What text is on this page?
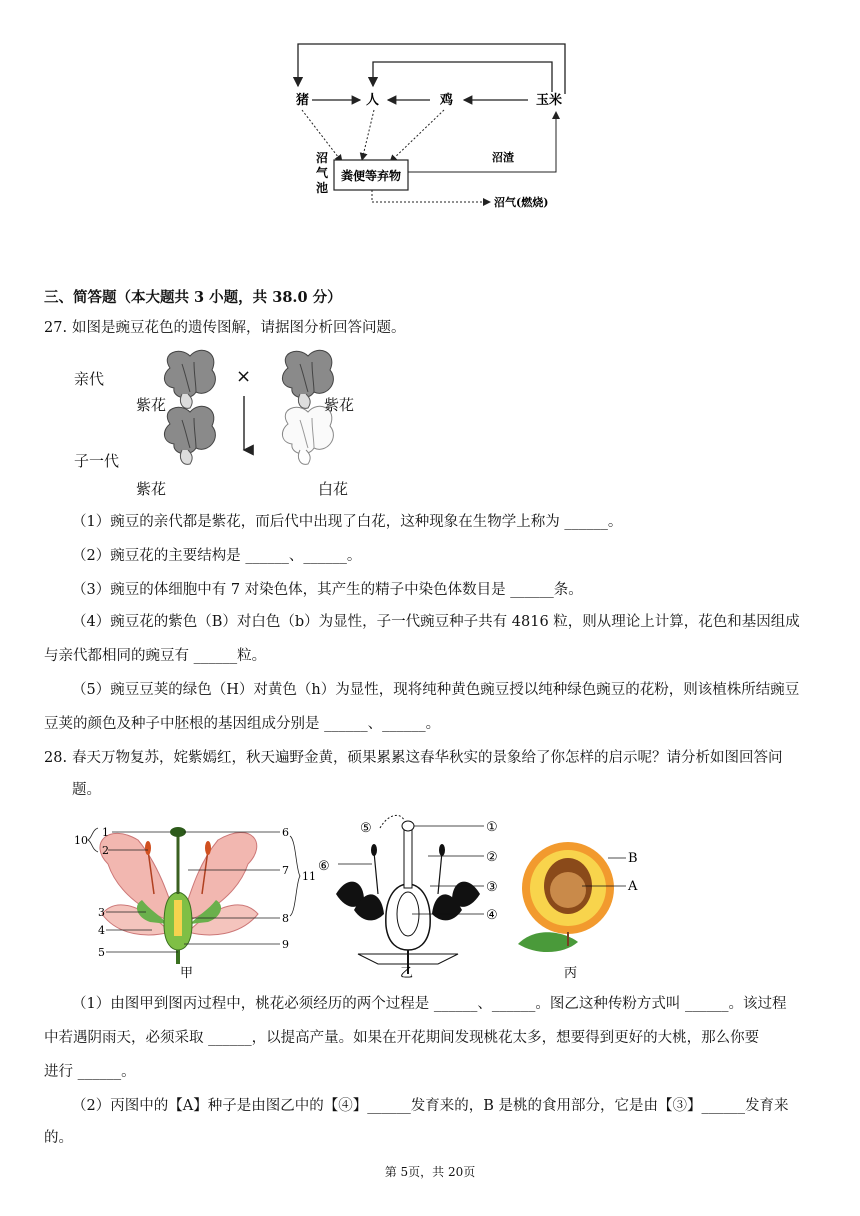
猪	人	鸡	玉米
粪便等弃物
沼渣
沼气(燃烧)
沼 气 池
三、简答题（本大题共 3 小题，共 38.0 分）
27. 如图是豌豆花色的遗传图解，请据图分析回答问题。
亲代
子一代
×
紫花	紫花
紫花	白花
（1）豌豆的亲代都是紫花，而后代中出现了白花，这种现象在生物学上称为 ______。
（2）豌豆花的主要结构是 ______、______。
（3）豌豆的体细胞中有 7 对染色体，其产生的精子中染色体数目是 ______条。
（4）豌豆花的紫色（B）对白色（b）为显性，子一代豌豆种子共有 4816 粒，则从理论上计算，花色和基因组成
与亲代都相同的豌豆有 ______粒。
（5）豌豆豆荚的绿色（H）对黄色（h）为显性，现将纯种黄色豌豆授以纯种绿色豌豆的花粉，则该植株所结豌豆
豆荚的颜色及种子中胚根的基因组成分别是 ______、______。
28. 春天万物复苏，姹紫嫣红，秋天遍野金黄，硕果累累这春华秋实的景象给了你怎样的启示呢？请分析如图回答问
题。
1
2
10
3
4
5
6
7 11
8
9
⑤
⑥
①
②
③
④
B
A
甲	乙	丙
（1）由图甲到图丙过程中，桃花必须经历的两个过程是 ______、______。图乙这种传粉方式叫 ______。该过程
中若遇阴雨天，必须采取 ______，以提高产量。如果在开花期间发现桃花太多，想要得到更好的大桃，那么你要
进行 ______。
（2）丙图中的【A】种子是由图乙中的【④】______发育来的，B 是桃的食用部分，它是由【③】______发育来
的。
第 5页，共 20页
